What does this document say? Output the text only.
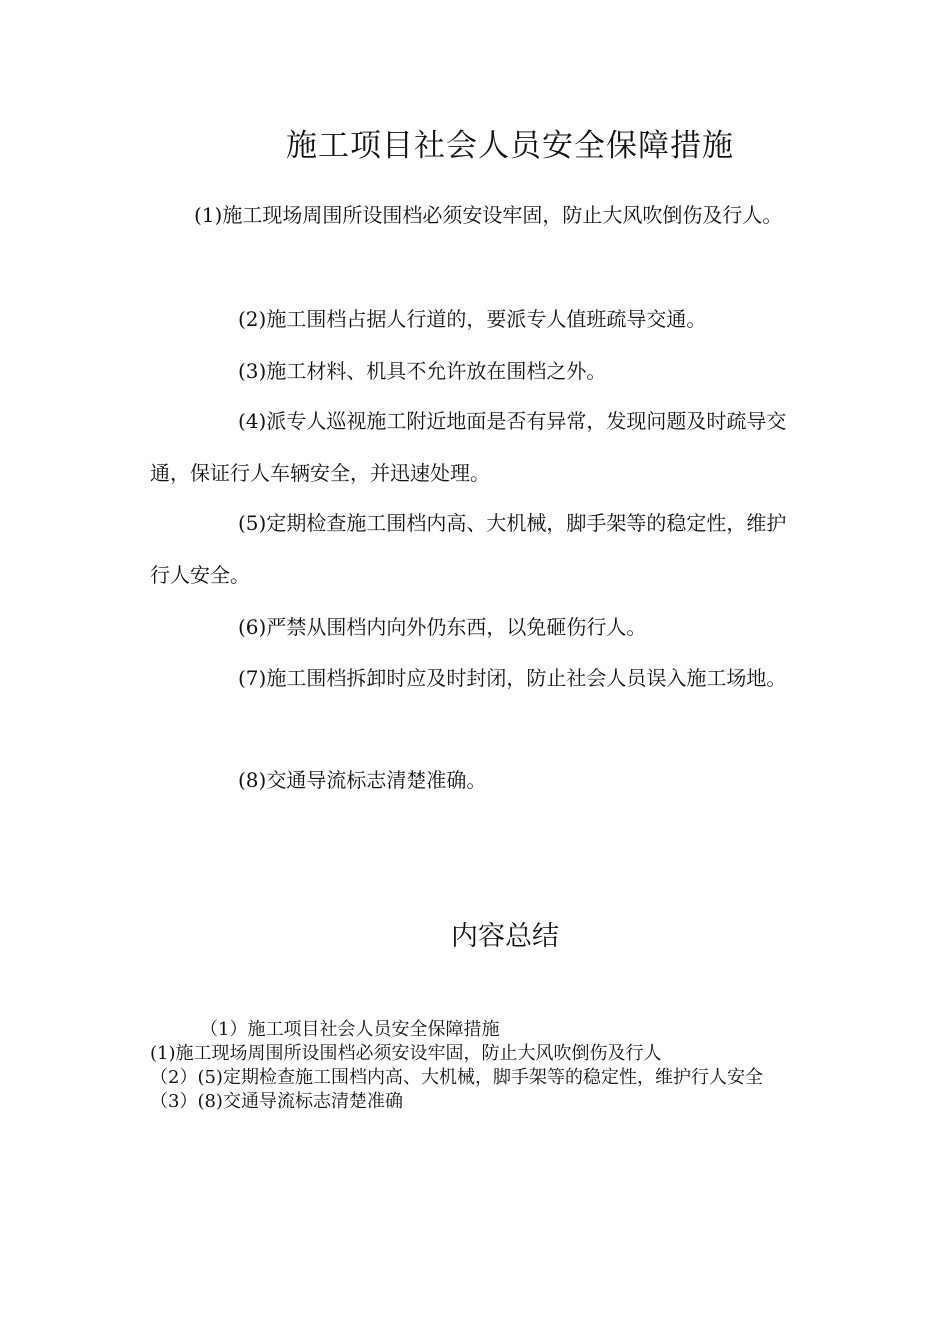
施工项目社会人员安全保障措施

(1)施工现场周围所设围档必须安设牢固，防止大风吹倒伤及行人。

(2)施工围档占据人行道的，要派专人值班疏导交通。

(3)施工材料、机具不允许放在围档之外。

(4)派专人巡视施工附近地面是否有异常，发现问题及时疏导交通，保证行人车辆安全，并迅速处理。

(5)定期检查施工围档内高、大机械，脚手架等的稳定性，维护行人安全。

(6)严禁从围档内向外仍东西，以免砸伤行人。

(7)施工围档拆卸时应及时封闭，防止社会人员误入施工场地。

(8)交通导流标志清楚准确。

内容总结

（1）施工项目社会人员安全保障措施

(1)施工现场周围所设围档必须安设牢固，防止大风吹倒伤及行人

（2）(5)定期检查施工围档内高、大机械，脚手架等的稳定性，维护行人安全

（3）(8)交通导流标志清楚准确
